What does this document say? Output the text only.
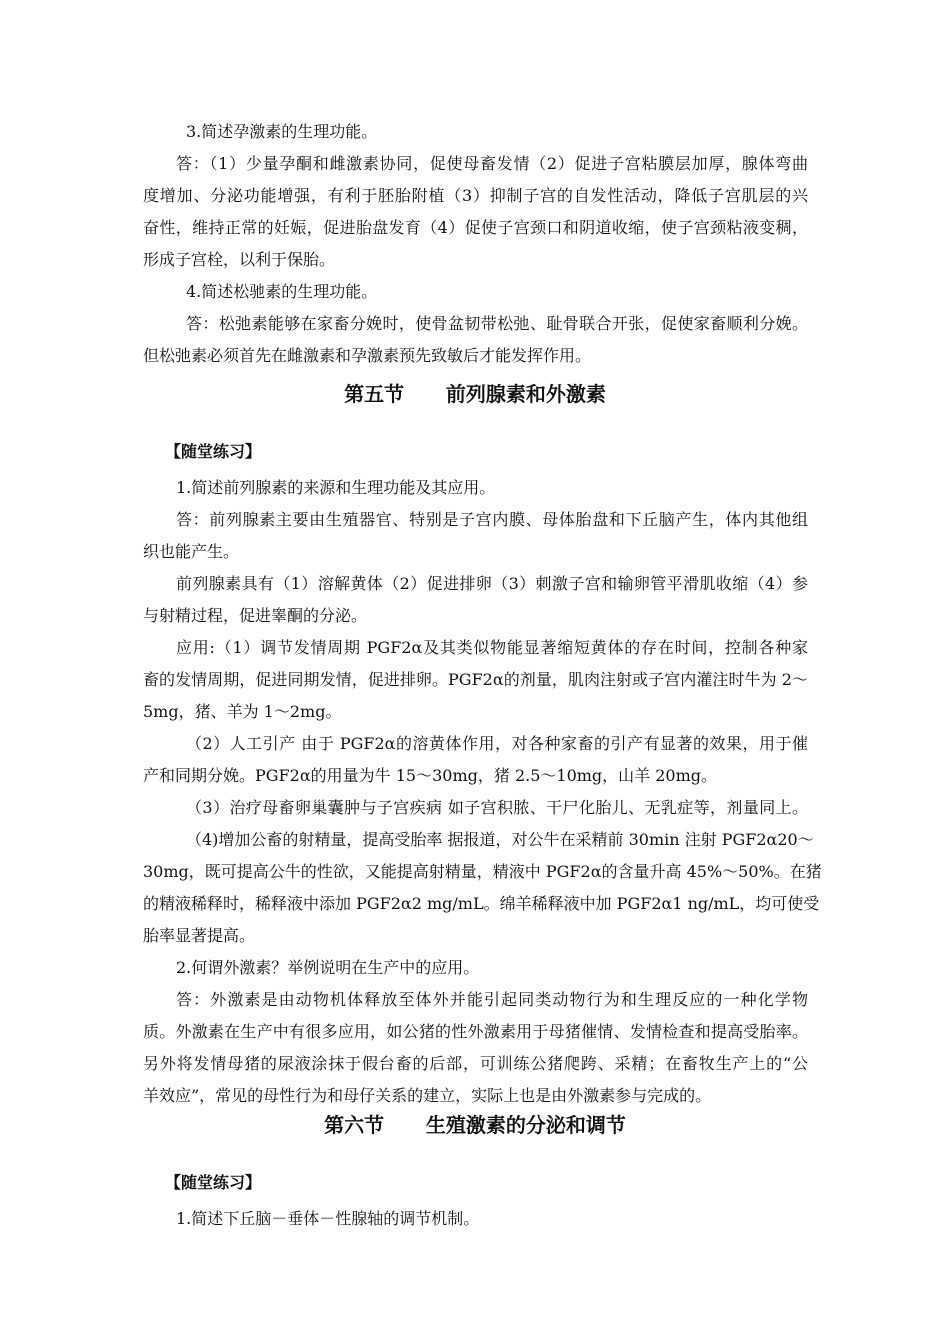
3.简述孕激素的生理功能。
答：（1）少量孕酮和雌激素协同，促使母畜发情（2）促进子宫粘膜层加厚，腺体弯曲
度增加、分泌功能增强，有利于胚胎附植（3）抑制子宫的自发性活动，降低子宫肌层的兴
奋性，维持正常的妊娠，促进胎盘发育（4）促使子宫颈口和阴道收缩，使子宫颈粘液变稠，
形成子宫栓，以利于保胎。
4.简述松驰素的生理功能。
答：松弛素能够在家畜分娩时，使骨盆韧带松弛、耻骨联合开张，促使家畜顺利分娩。
但松弛素必须首先在雌激素和孕激素预先致敏后才能发挥作用。
第五节      前列腺素和外激素
【随堂练习】
1.简述前列腺素的来源和生理功能及其应用。
答：前列腺素主要由生殖器官、特别是子宫内膜、母体胎盘和下丘脑产生，体内其他组
织也能产生。
前列腺素具有（1）溶解黄体（2）促进排卵（3）刺激子宫和输卵管平滑肌收缩（4）参
与射精过程，促进睾酮的分泌。
应用:（1）调节发情周期 PGF2α及其类似物能显著缩短黄体的存在时间，控制各种家
畜的发情周期，促进同期发情，促进排卵。PGF2α的剂量，肌肉注射或子宫内灌注时牛为 2～
5mg，猪、羊为 1～2mg。
（2）人工引产 由于 PGF2α的溶黄体作用，对各种家畜的引产有显著的效果，用于催
产和同期分娩。PGF2α的用量为牛 15～30mg，猪 2.5～10mg，山羊 20mg。
（3）治疗母畜卵巢囊肿与子宫疾病 如子宫积脓、干尸化胎儿、无乳症等，剂量同上。
（4)增加公畜的射精量，提高受胎率 据报道，对公牛在采精前 30min 注射 PGF2α20～
30mg，既可提高公牛的性欲，又能提高射精量，精液中 PGF2α的含量升高 45%～50%。在猪
的精液稀释时，稀释液中添加 PGF2α2 mg/mL。绵羊稀释液中加 PGF2α1 ng/mL，均可使受
胎率显著提高。
2.何谓外激素？举例说明在生产中的应用。
答：外激素是由动物机体释放至体外并能引起同类动物行为和生理反应的一种化学物
质。外激素在生产中有很多应用，如公猪的性外激素用于母猪催情、发情检查和提高受胎率。
另外将发情母猪的尿液涂抹于假台畜的后部，可训练公猪爬跨、采精；在畜牧生产上的“公
羊效应”，常见的母性行为和母仔关系的建立，实际上也是由外激素参与完成的。
第六节      生殖激素的分泌和调节
【随堂练习】
1.简述下丘脑－垂体－性腺轴的调节机制。
